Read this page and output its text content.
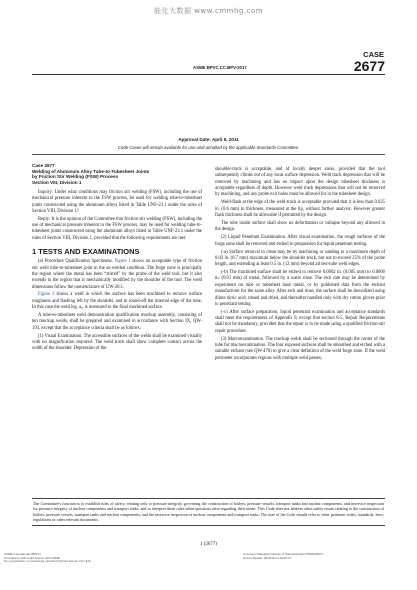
能化大数据 www.cmmhg.com
CASE
2677
ASME BPVC.CC.BPV-2017
Approval Date: April 6, 2011
Code Cases will remain available for use until annulled by the applicable Standards Committee.
Case 2677
Welding of Aluminum Alloy Tube-to-Tubesheet Joints
by Friction Stir Welding (FSW) Process
Section VIII, Division 1

Inquiry: Under what conditions may friction stir welding (FSW), including the use of mechanical pressure inherent to the FSW process, be used for welding tube-to-tubesheet joints constructed using the aluminum alloys listed in Table UNF-23.1 under the rules of Section VIII, Division 1?

Reply: It is the opinion of the Committee that friction stir welding (FSW), including the use of mechanical pressure inherent to the FSW process, may be used for welding tube-to-tubesheet joints constructed using the aluminum alloys listed in Table UNF-23.1 under the rules of Section VIII, Division 1, provided that the following requirements are met.

1 TESTS AND EXAMINATIONS

(a) Procedure Qualification Specimens. Figure 1 shows an acceptable type of friction stir weld tube-to-tubesheet joint in the as-welded condition. The forge zone is principally the region where the metal has been “stirred” by the probe of the weld tool, but it also extends to the region that is mechanically modified by the shoulder of the tool. The weld dimensions follow the nomenclature of UW-20.1.

Figure 2 shows a weld in which the surface has been machined to remove surface roughness and flashing left by the shoulder, and to round-off the internal edge of the tube. In this case the weld leg, aₑ, is measured to the final machined surface.

A tube-to-tubesheet weld demonstration qualification mockup assembly, consisting of ten mockup welds, shall be prepared and examined in accordance with Section IX, QW-193, except that the acceptance criteria shall be as follows:

(1) Visual Examination. The accessible surfaces of the welds shall be examined visually with no magnification required. The weld track shall show complete contact across the width of the shoulder. Depression of the

shoulder-track is acceptable, and of locally deeper areas, provided that the tool subsequently climbs out of any local surface depression. Weld track depression that will be removed by machining and has no impact upon the design tubesheet thickness is acceptable regardless of depth. However weld track depressions that will not be removed by machining, and any probe exit holes must be allowed for in the tubesheet design.

Weld-flash at the edge of the weld-track is acceptable provided that it is less than 0.025 in. (0.6 mm) in thickness, measured at the lip, without further analysis. However greater flash thickness shall be allowable if permitted by the design.

The tube inside surface shall show no deformation or collapse beyond any allowed in the design.

(2) Liquid Penetrant Examination. After visual examination, the rough surfaces of the forge zone shall be removed and etched in preparation for liquid penetrant testing.

(-a) Surface removal to clean may be by machining or sanding to a maximum depth of 0.03 in. (0.7 mm) maximum below the shoulder track, but not to exceed 25% of the probe length, and extending at least 0.5 in. (12 mm) beyond all test-tube weld edges.

(-b) The machined surface shall be etched to remove 0.0002 in. (0.005 mm) to 0.0006 in. (0.01 mm) of metal, followed by a water rinse. The etch rate may be determined by experiment on tube or tubesheet base metal, or by published data from the etchant manufacturer for the same alloy. After etch and rinse, the surface shall be deoxidized using dilute nitric acid, rinsed and dried, and thereafter handled only with dry cotton gloves prior to penetrant testing.

(-c) After surface preparation, liquid penetrant examination and acceptance standards shall meet the requirements of Appendix 8, except that section 8-5, Repair Requirements shall not be mandatory, provided that the repair is to be made using a qualified friction-stir repair procedure.

(3) Macroexamination. The mockup welds shall be sectioned through the center of the tube for macroexamination. The four exposed surfaces shall be smoothed and etched with a suitable etchant (see QW-470) to give a clear definition of the weld forge zone. If the weld perimeter incorporates regions with multiple weld passes,

The Committee's function is to establish rules of safety, relating only to pressure integrity, governing the construction of boilers, pressure vessels, transport tanks and nuclear components, and inservice inspection for pressure integrity of nuclear components and transport tanks, and to interpret these rules when questions arise regarding their intent. This Code does not address other safety issues relating to the construction of boilers, pressure vessels, transport tanks and nuclear components, and the inservice inspection of nuclear components and transport tanks. The user of the Code should refer to other pertinent codes, standards, laws, regulations or other relevant documents.
1 (2677)
ASME International (BPVC)
Provided by IHS under license with ASME
No reproduction or networking permitted without license from IHS
Licensee=Shanghai Institute of Standardization/5964000077
Not for Resale, 2019/11/14 10:35:37
